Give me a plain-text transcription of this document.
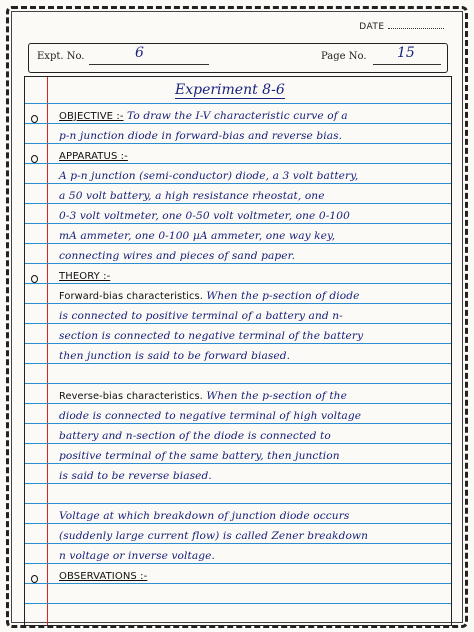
DATE
Expt. No.	6	Page No. 15
Experiment 8-6
OBJECTIVE :- To draw the I-V characteristic curve of a
p-n junction diode in forward-bias and reverse bias.
APPARATUS :-
A p-n junction (semi-conductor) diode, a 3 volt battery,
a 50 volt battery, a high resistance rheostat, one
0-3 volt voltmeter, one 0-50 volt voltmeter, one 0-100
mA ammeter, one 0-100 µA ammeter, one way key,
connecting wires and pieces of sand paper.
THEORY :-
Forward-bias characteristics. When the p-section of diode
is connected to positive terminal of a battery and n-
section is connected to negative terminal of the battery
then junction is said to be forward biased.
Reverse-bias characteristics. When the p-section of the
diode is connected to negative terminal of high voltage
battery and n-section of the diode is connected to
positive terminal of the same battery, then junction
is said to be reverse biased.
Voltage at which breakdown of junction diode occurs
(suddenly large current flow) is called Zener breakdown
n voltage or inverse voltage.
OBSERVATIONS :-
